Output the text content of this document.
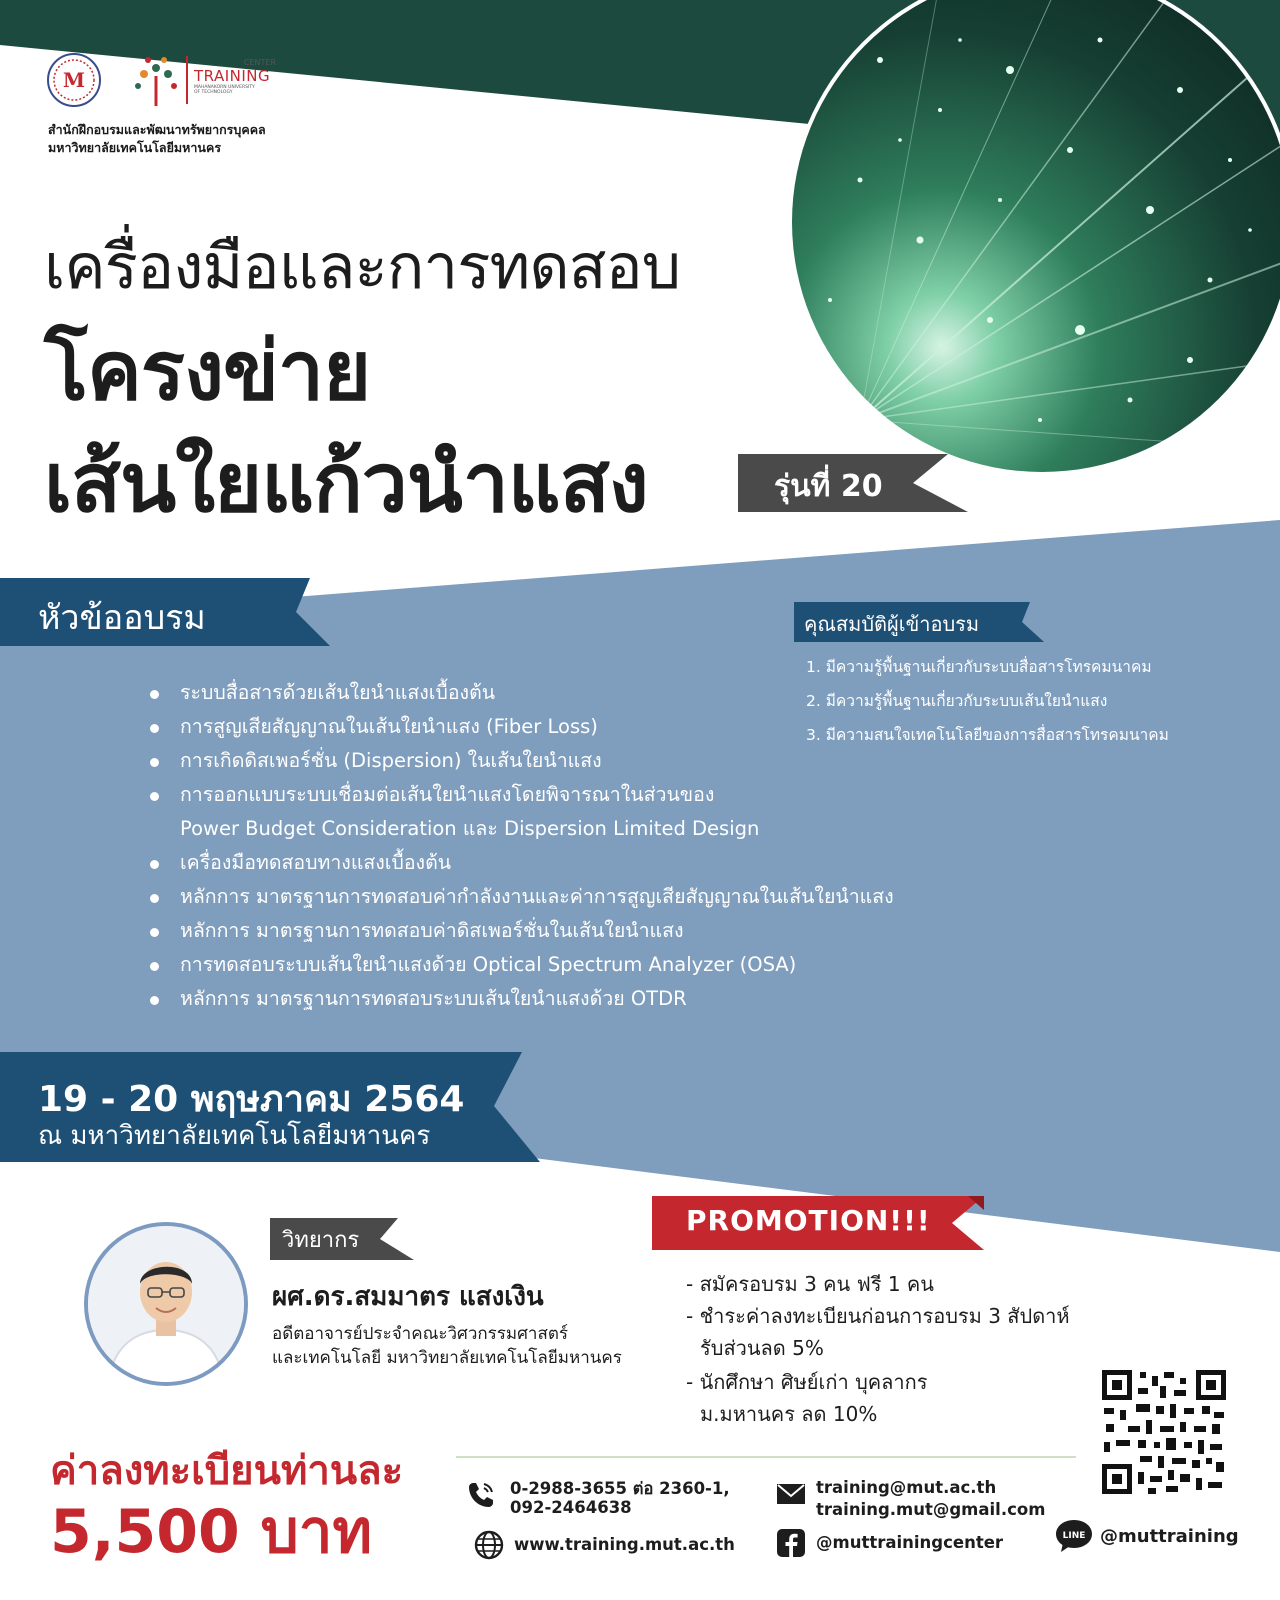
M
CENTER
TRAINING
MAHANAKORN UNIVERSITY
OF TECHNOLOGY
สำนักฝึกอบรมและพัฒนาทรัพยากรบุคคล
มหาวิทยาลัยเทคโนโลยีมหานคร
เครื่องมือและการทดสอบ
โครงข่าย
เส้นใยแก้วนำแสง	รุ่นที่ 20
หัวข้ออบรม
ระบบสื่อสารด้วยเส้นใยนำแสงเบื้องต้น
การสูญเสียสัญญาณในเส้นใยนำแสง (Fiber Loss)
การเกิดดิสเพอร์ชั่น (Dispersion) ในเส้นใยนำแสง
การออกแบบระบบเชื่อมต่อเส้นใยนำแสงโดยพิจารณาในส่วนของ
Power Budget Consideration และ Dispersion Limited Design
เครื่องมือทดสอบทางแสงเบื้องต้น
หลักการ มาตรฐานการทดสอบค่ากำลังงานและค่าการสูญเสียสัญญาณในเส้นใยนำแสง
หลักการ มาตรฐานการทดสอบค่าดิสเพอร์ชั่นในเส้นใยนำแสง
การทดสอบระบบเส้นใยนำแสงด้วย Optical Spectrum Analyzer (OSA)
หลักการ มาตรฐานการทดสอบระบบเส้นใยนำแสงด้วย OTDR
คุณสมบัติผู้เข้าอบรม
1. มีความรู้พื้นฐานเกี่ยวกับระบบสื่อสารโทรคมนาคม
2. มีความรู้พื้นฐานเกี่ยวกับระบบเส้นใยนำแสง
3. มีความสนใจเทคโนโลยีของการสื่อสารโทรคมนาคม
19 - 20 พฤษภาคม 2564
ณ มหาวิทยาลัยเทคโนโลยีมหานคร
วิทยากร
ผศ.ดร.สมมาตร แสงเงิน
อดีตอาจารย์ประจำคณะวิศวกรรมศาสตร์
และเทคโนโลยี มหาวิทยาลัยเทคโนโลยีมหานคร
PROMOTION!!!
- สมัครอบรม 3 คน ฟรี 1 คน
- ชำระค่าลงทะเบียนก่อนการอบรม 3 สัปดาห์
รับส่วนลด 5%
- นักศึกษา ศิษย์เก่า บุคลากร
ม.มหานคร ลด 10%
ค่าลงทะเบียนท่านละ
5,500 บาท
0-2988-3655 ต่อ 2360-1,
092-2464638
training@mut.ac.th
training.mut@gmail.com
www.training.mut.ac.th	@muttrainingcenter	LINE @muttraining
